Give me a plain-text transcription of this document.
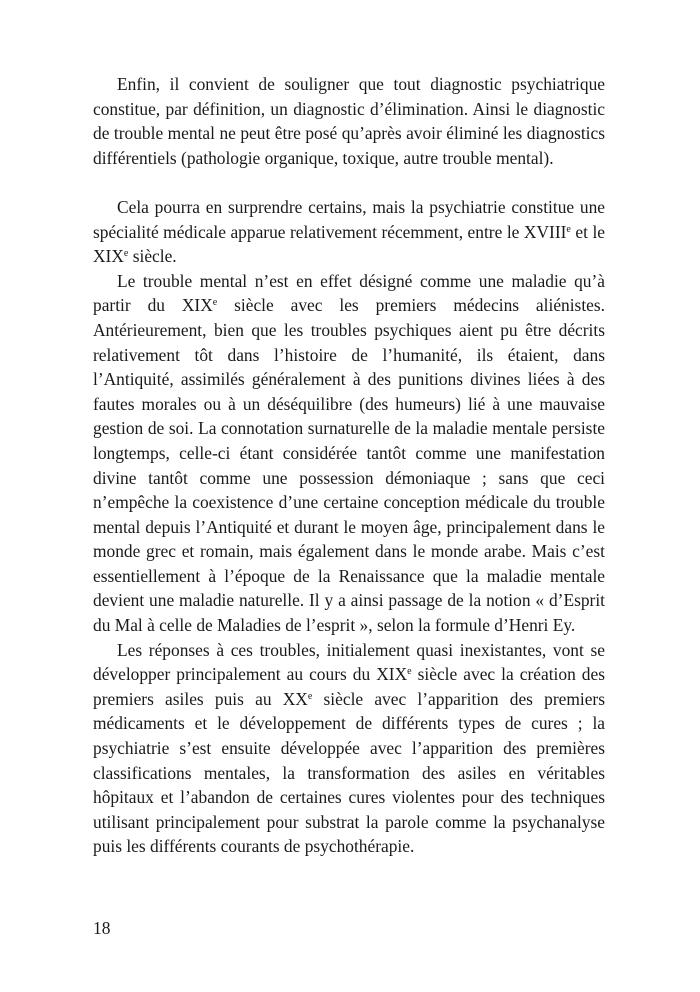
Enfin, il convient de souligner que tout diagnostic psychiatrique constitue, par définition, un diagnostic d’élimination. Ainsi le diagnostic de trouble mental ne peut être posé qu’après avoir éliminé les diagnostics différentiels (pathologie organique, toxique, autre trouble mental).

Cela pourra en surprendre certains, mais la psychiatrie constitue une spécialité médicale apparue relativement récemment, entre le XVIIIe et le XIXe siècle.

Le trouble mental n’est en effet désigné comme une maladie qu’à partir du XIXe siècle avec les premiers médecins aliénistes. Antérieurement, bien que les troubles psychiques aient pu être décrits relativement tôt dans l’histoire de l’humanité, ils étaient, dans l’Antiquité, assimilés généralement à des punitions divines liées à des fautes morales ou à un déséquilibre (des humeurs) lié à une mauvaise gestion de soi. La connotation surnaturelle de la maladie mentale persiste longtemps, celle-ci étant considérée tantôt comme une manifestation divine tantôt comme une possession démoniaque ; sans que ceci n’empêche la coexistence d’une certaine conception médicale du trouble mental depuis l’Antiquité et durant le moyen âge, principalement dans le monde grec et romain, mais également dans le monde arabe. Mais c’est essentiellement à l’époque de la Renaissance que la maladie mentale devient une maladie naturelle. Il y a ainsi passage de la notion « d’Esprit du Mal à celle de Maladies de l’esprit », selon la formule d’Henri Ey.

Les réponses à ces troubles, initialement quasi inexistantes, vont se développer principalement au cours du XIXe siècle avec la création des premiers asiles puis au XXe siècle avec l’apparition des premiers médicaments et le développement de différents types de cures ; la psychiatrie s’est ensuite développée avec l’apparition des premières classifications mentales, la transformation des asiles en véritables hôpitaux et l’abandon de certaines cures violentes pour des techniques utilisant principalement pour substrat la parole comme la psychanalyse puis les différents courants de psychothérapie.

18
